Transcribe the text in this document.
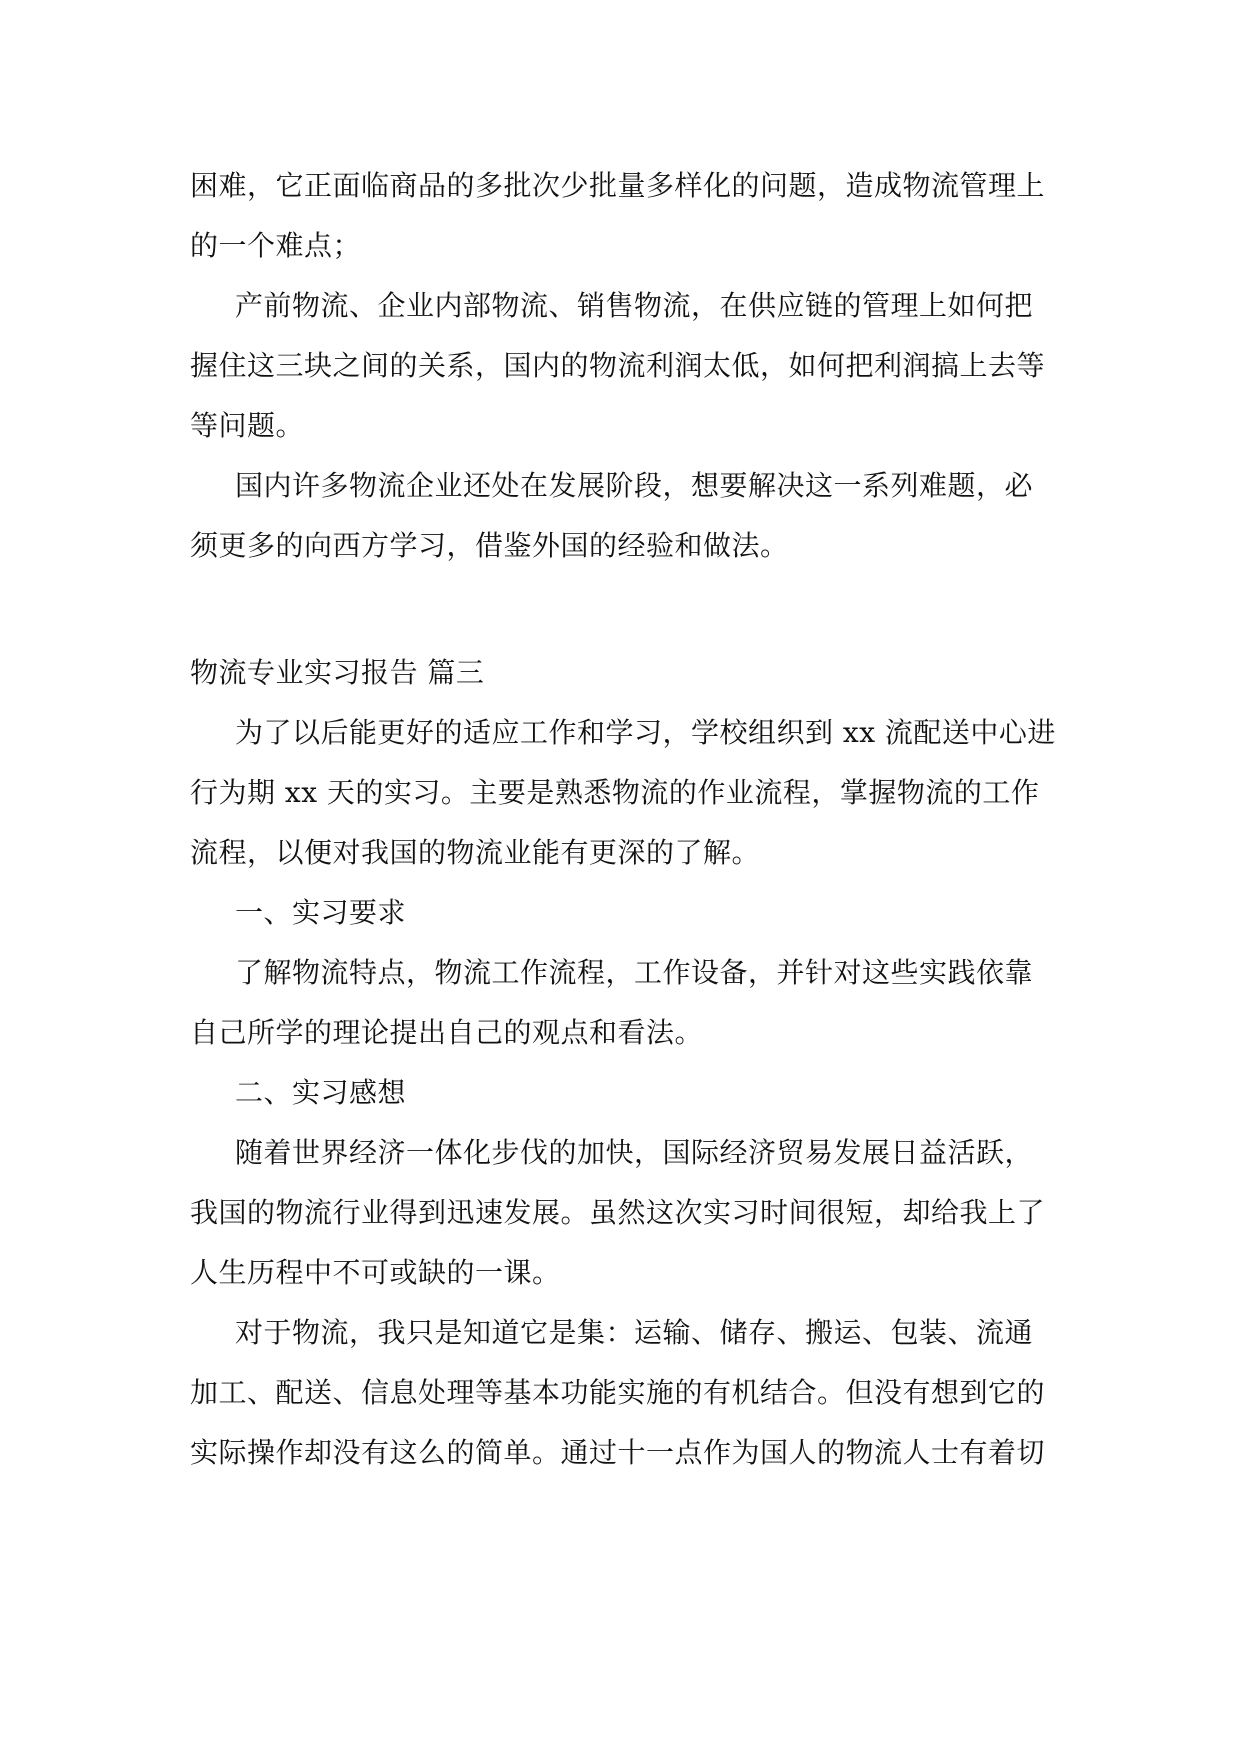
困难，它正面临商品的多批次少批量多样化的问题，造成物流管理上
的一个难点；
产前物流、企业内部物流、销售物流，在供应链的管理上如何把
握住这三块之间的关系，国内的物流利润太低，如何把利润搞上去等
等问题。
国内许多物流企业还处在发展阶段，想要解决这一系列难题，必
须更多的向西方学习，借鉴外国的经验和做法。
物流专业实习报告 篇三
为了以后能更好的适应工作和学习，学校组织到 xx 流配送中心进
行为期 xx 天的实习。主要是熟悉物流的作业流程，掌握物流的工作
流程，以便对我国的物流业能有更深的了解。
一、实习要求
了解物流特点，物流工作流程，工作设备，并针对这些实践依靠
自己所学的理论提出自己的观点和看法。
二、实习感想
随着世界经济一体化步伐的加快，国际经济贸易发展日益活跃，
我国的物流行业得到迅速发展。虽然这次实习时间很短，却给我上了
人生历程中不可或缺的一课。
对于物流，我只是知道它是集：运输、储存、搬运、包装、流通
加工、配送、信息处理等基本功能实施的有机结合。但没有想到它的
实际操作却没有这么的简单。通过十一点作为国人的物流人士有着切
